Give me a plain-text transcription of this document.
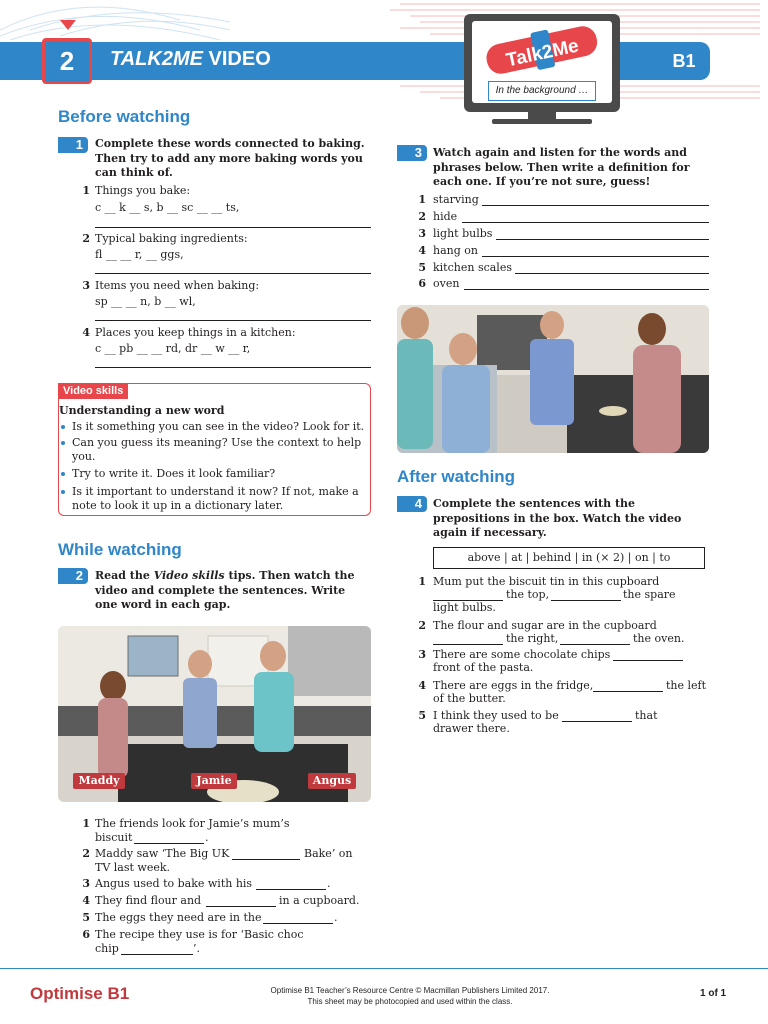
2	TALK2ME VIDEO	B1
Talk2Me
In the background …
Before watching
1	Complete these words connected to baking. Then try to add any more baking words you can think of.
1 Things you bake:
c __ k __ s, b __ sc __ __ ts,
2 Typical baking ingredients:
fl __ __ r, __ ggs,
3 Items you need when baking:
sp __ __ n, b __ wl,
4 Places you keep things in a kitchen:
c __ pb __ __ rd, dr __ w __ r,
Video skills
Understanding a new word
Is it something you can see in the video? Look for it.
Can you guess its meaning? Use the context to help you.
Try to write it. Does it look familiar?
Is it important to understand it now? If not, make a note to look it up in a dictionary later.
While watching
2	Read the Video skills tips. Then watch the video and complete the sentences. Write one word in each gap.
Maddy	Jamie	Angus
1 The friends look for Jamie’s mum’s
biscuit	.
2 Maddy saw ‘The Big UK	Bake’ on
TV last week.
3 Angus used to bake with his	.
4 They find flour and	in a cupboard.
5 The eggs they need are in the	.
6 The recipe they use is for ‘Basic choc
chip	’.
3	Watch again and listen for the words and phrases below. Then write a definition for each one. If you’re not sure, guess!
1 starving
2 hide
3 light bulbs
4 hang on
5 kitchen scales
6 oven
After watching
4	Complete the sentences with the prepositions in the box. Watch the video again if necessary.
above | at | behind | in (× 2) | on | to
1 Mum put the biscuit tin in this cupboard
the top,	the spare
light bulbs.
2 The flour and sugar are in the cupboard
the right,	the oven.
3 There are some chocolate chips
front of the pasta.
4 There are eggs in the fridge,	the left
of the butter.
5 I think they used to be	that
drawer there.
Optimise B1	Optimise B1 Teacher’s Resource Centre © Macmillan Publishers Limited 2017.
This sheet may be photocopied and used within the class.
1 of 1
